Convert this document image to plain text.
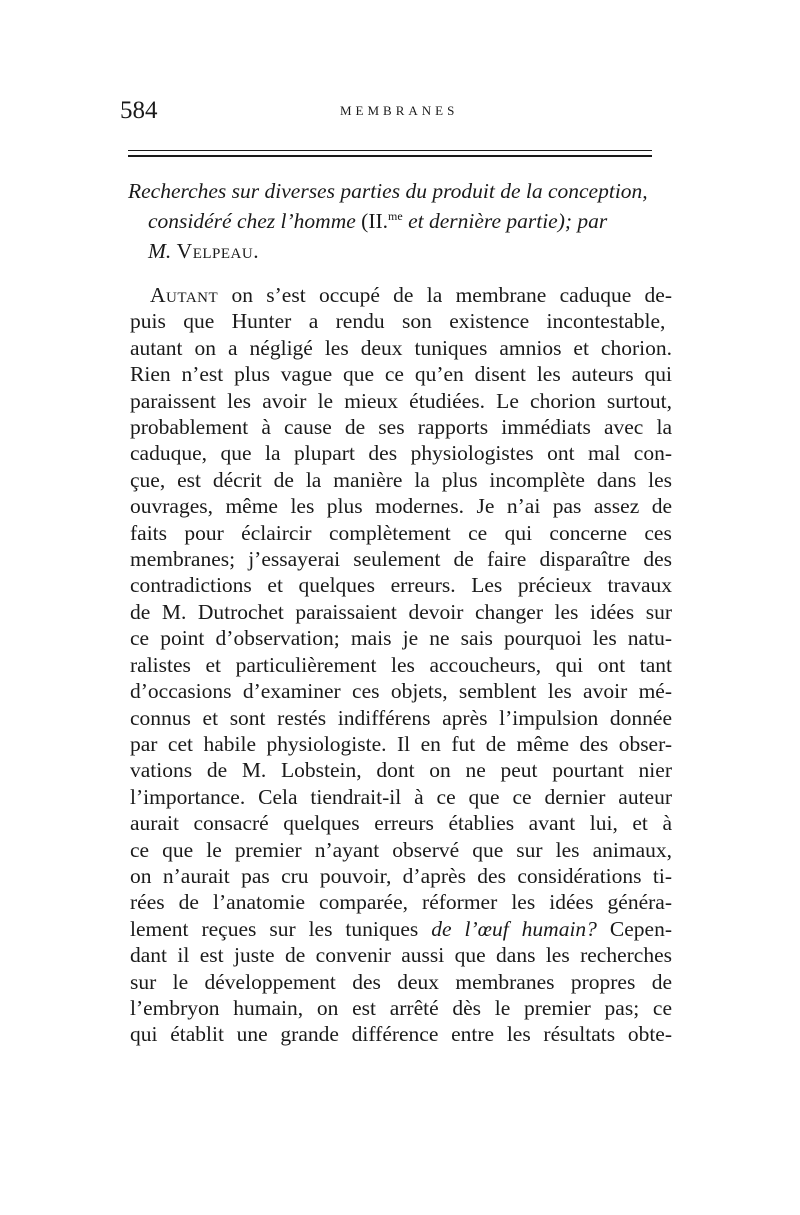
584	MEMBRANES
Recherches sur diverses parties du produit de la conception,
considéré chez l’homme (II.$^{me}$ et dernière partie); par
M. Velpeau.
Autant on s’est occupé de la membrane caduque de-
puis que Hunter a rendu son existence incontestable,
autant on a négligé les deux tuniques amnios et chorion.
Rien n’est plus vague que ce qu’en disent les auteurs qui
paraissent les avoir le mieux étudiées. Le chorion surtout,
probablement à cause de ses rapports immédiats avec la
caduque, que la plupart des physiologistes ont mal con-
çue, est décrit de la manière la plus incomplète dans les
ouvrages, même les plus modernes. Je n’ai pas assez de
faits pour éclaircir complètement ce qui concerne ces
membranes; j’essayerai seulement de faire disparaître des
contradictions et quelques erreurs. Les précieux travaux
de M. Dutrochet paraissaient devoir changer les idées sur
ce point d’observation; mais je ne sais pourquoi les natu-
ralistes et particulièrement les accoucheurs, qui ont tant
d’occasions d’examiner ces objets, semblent les avoir mé-
connus et sont restés indifférens après l’impulsion donnée
par cet habile physiologiste. Il en fut de même des obser-
vations de M. Lobstein, dont on ne peut pourtant nier
l’importance. Cela tiendrait-il à ce que ce dernier auteur
aurait consacré quelques erreurs établies avant lui, et à
ce que le premier n’ayant observé que sur les animaux,
on n’aurait pas cru pouvoir, d’après des considérations ti-
rées de l’anatomie comparée, réformer les idées généra-
lement reçues sur les tuniques de l’œuf humain? Cepen-
dant il est juste de convenir aussi que dans les recherches
sur le développement des deux membranes propres de
l’embryon humain, on est arrêté dès le premier pas; ce
qui établit une grande différence entre les résultats obte-
